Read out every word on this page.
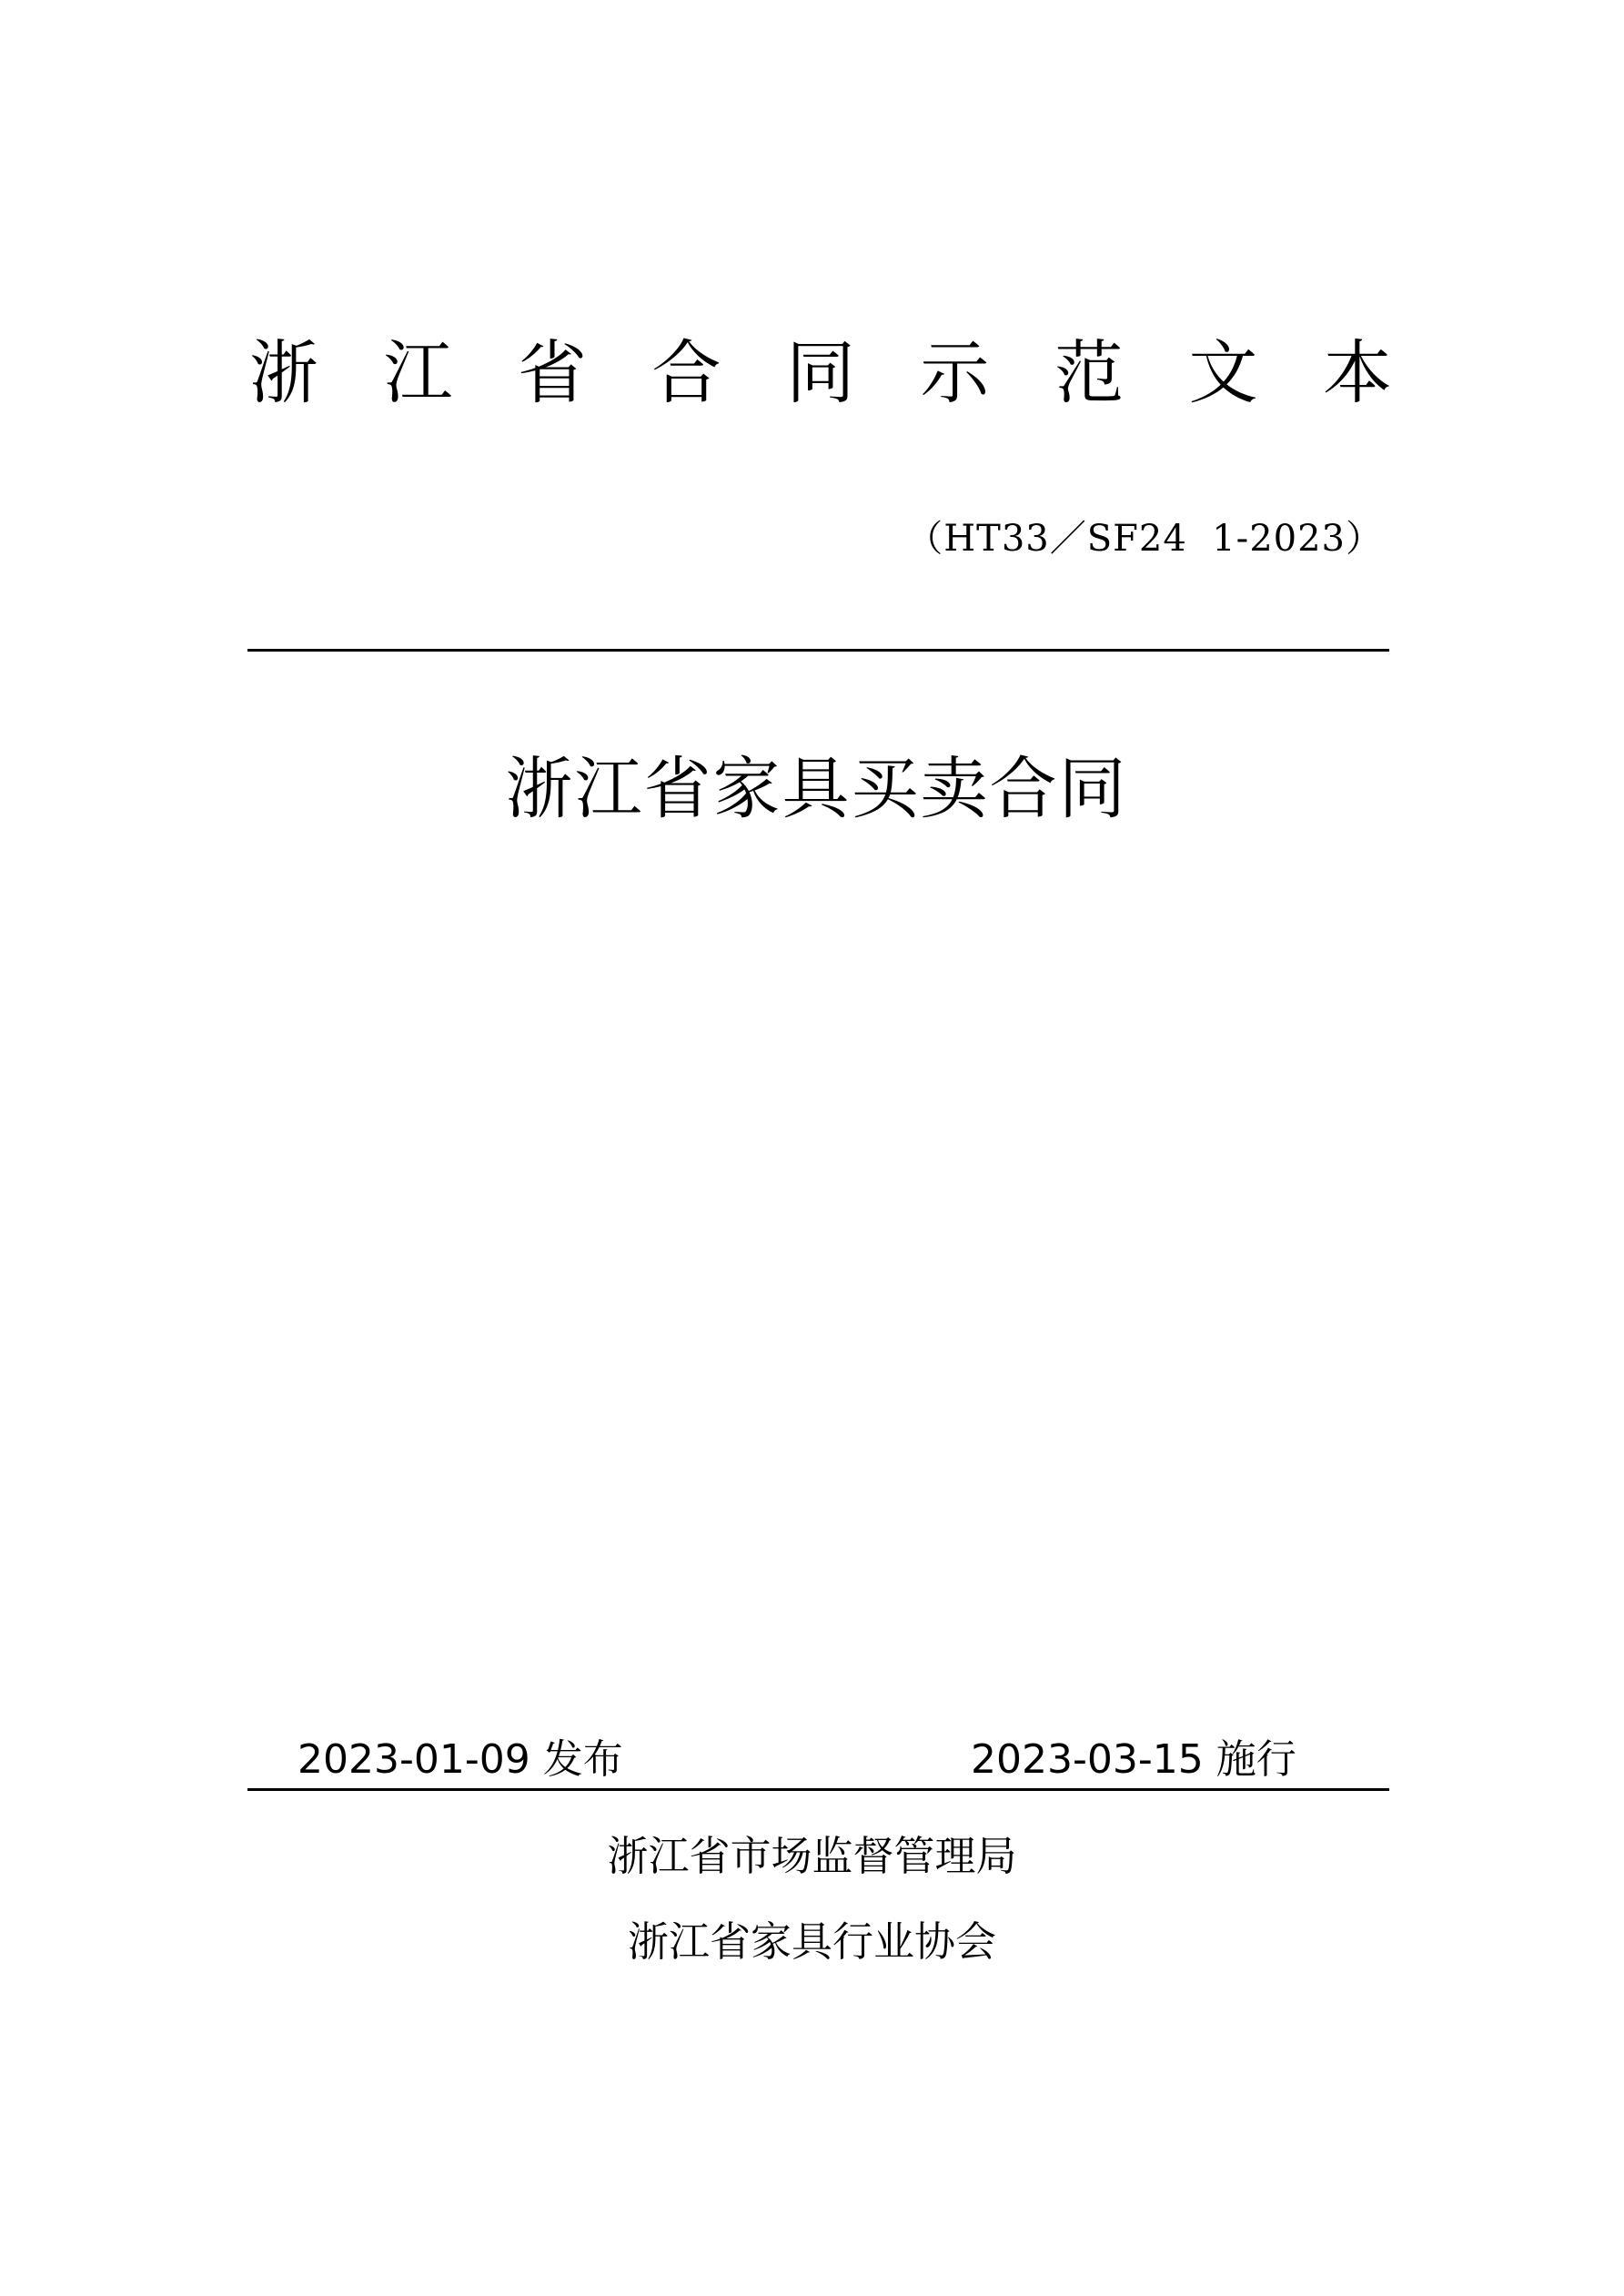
浙 江 省 合 同 示 范 文 本
（HT33／SF24  1-2023）
浙江省家具买卖合同
2023-01-09 发布	2023-03-15 施行
浙江省市场监督管理局
浙江省家具行业协会
